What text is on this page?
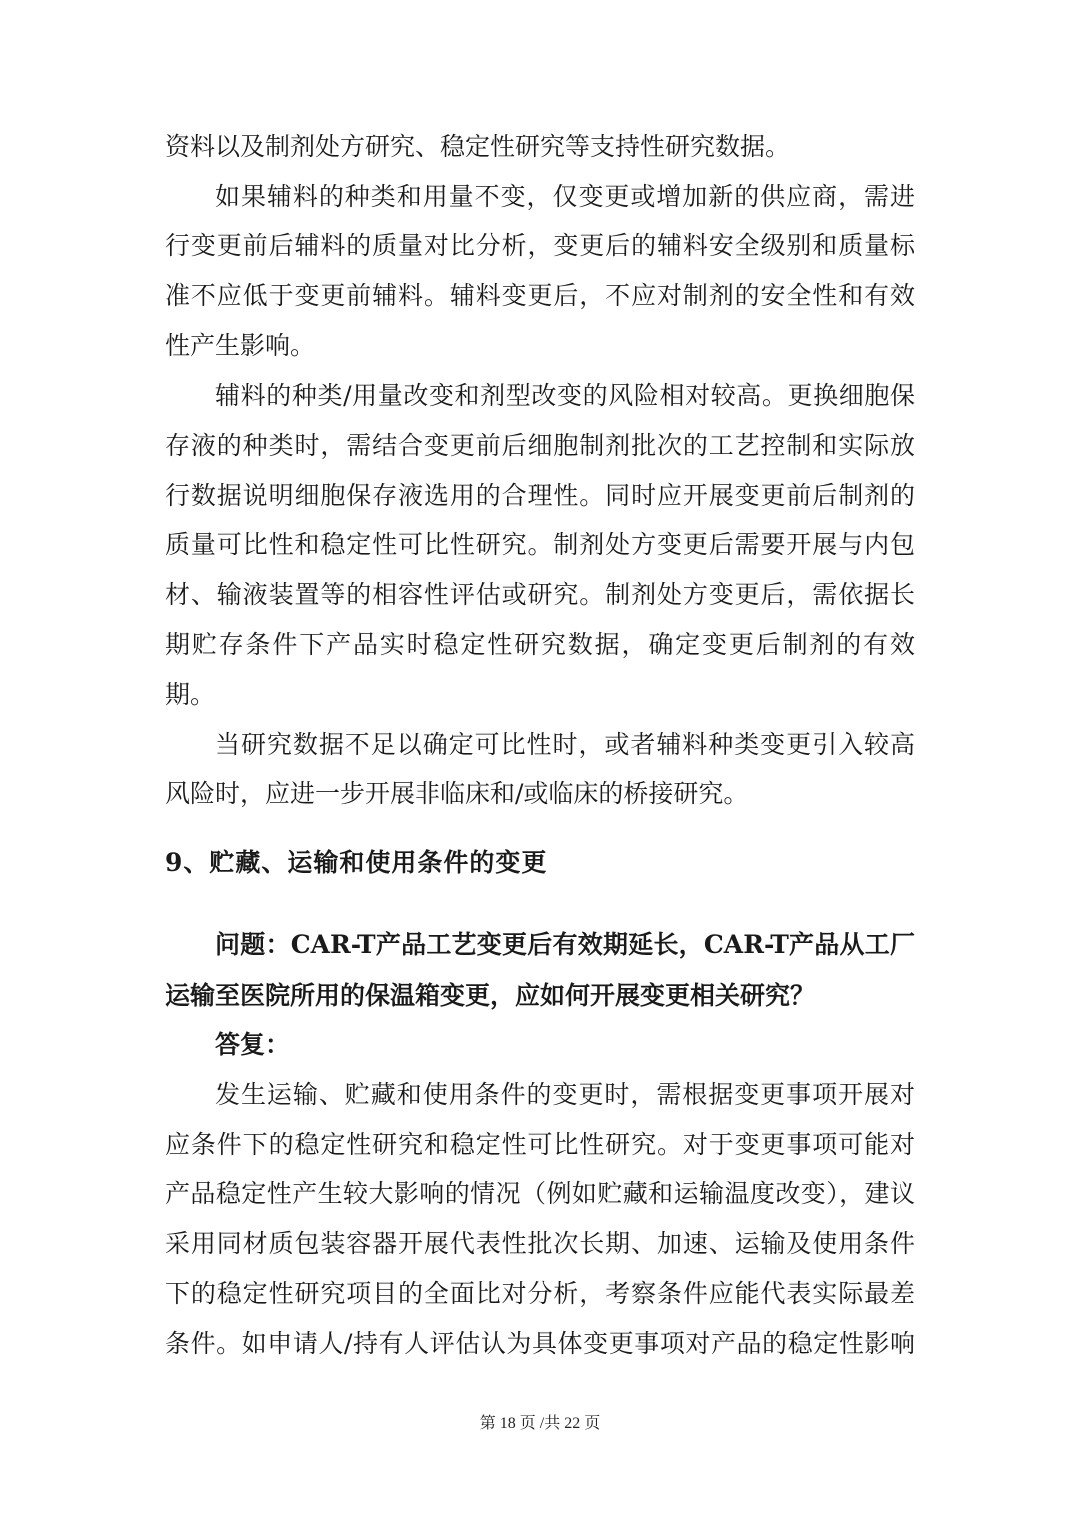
资料以及制剂处方研究、稳定性研究等支持性研究数据。
如果辅料的种类和用量不变，仅变更或增加新的供应商，需进
行变更前后辅料的质量对比分析，变更后的辅料安全级别和质量标
准不应低于变更前辅料。辅料变更后，不应对制剂的安全性和有效
性产生影响。
辅料的种类/用量改变和剂型改变的风险相对较高。更换细胞保
存液的种类时，需结合变更前后细胞制剂批次的工艺控制和实际放
行数据说明细胞保存液选用的合理性。同时应开展变更前后制剂的
质量可比性和稳定性可比性研究。制剂处方变更后需要开展与内包
材、输液装置等的相容性评估或研究。制剂处方变更后，需依据长
期贮存条件下产品实时稳定性研究数据，确定变更后制剂的有效
期。
当研究数据不足以确定可比性时，或者辅料种类变更引入较高
风险时，应进一步开展非临床和/或临床的桥接研究。
9、贮藏、运输和使用条件的变更
问题：CAR-T产品工艺变更后有效期延长，CAR-T产品从工厂
运输至医院所用的保温箱变更，应如何开展变更相关研究？
答复：
发生运输、贮藏和使用条件的变更时，需根据变更事项开展对
应条件下的稳定性研究和稳定性可比性研究。对于变更事项可能对
产品稳定性产生较大影响的情况（例如贮藏和运输温度改变），建议
采用同材质包装容器开展代表性批次长期、加速、运输及使用条件
下的稳定性研究项目的全面比对分析，考察条件应能代表实际最差
条件。如申请人/持有人评估认为具体变更事项对产品的稳定性影响
第 18 页 /共 22 页
